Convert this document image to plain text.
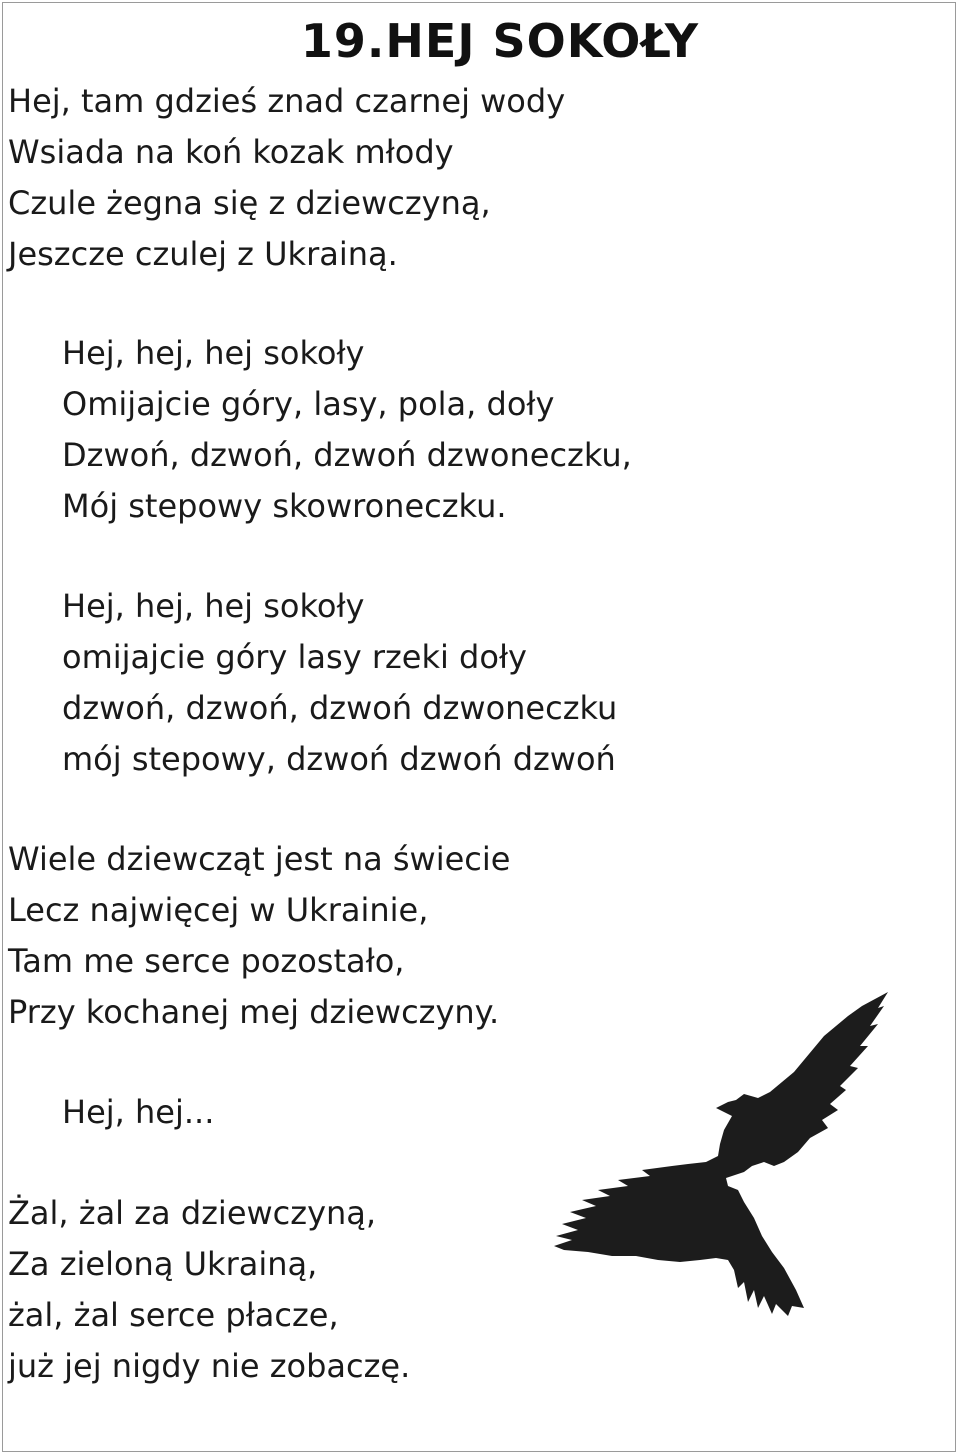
19.HEJ SOKOŁY
Hej, tam gdzieś znad czarnej wody
Wsiada na koń kozak młody
Czule żegna się z dziewczyną,
Jeszcze czulej z Ukrainą.
Hej, hej, hej sokoły
Omijajcie góry, lasy, pola, doły
Dzwoń, dzwoń, dzwoń dzwoneczku,
Mój stepowy skowroneczku.
Hej, hej, hej sokoły
omijajcie góry lasy rzeki doły
dzwoń, dzwoń, dzwoń dzwoneczku
mój stepowy, dzwoń dzwoń dzwoń
Wiele dziewcząt jest na świecie
Lecz najwięcej w Ukrainie,
Tam me serce pozostało,
Przy kochanej mej dziewczyny.
Hej, hej...
Żal, żal za dziewczyną,
Za zieloną Ukrainą,
żal, żal serce płacze,
już jej nigdy nie zobaczę.
